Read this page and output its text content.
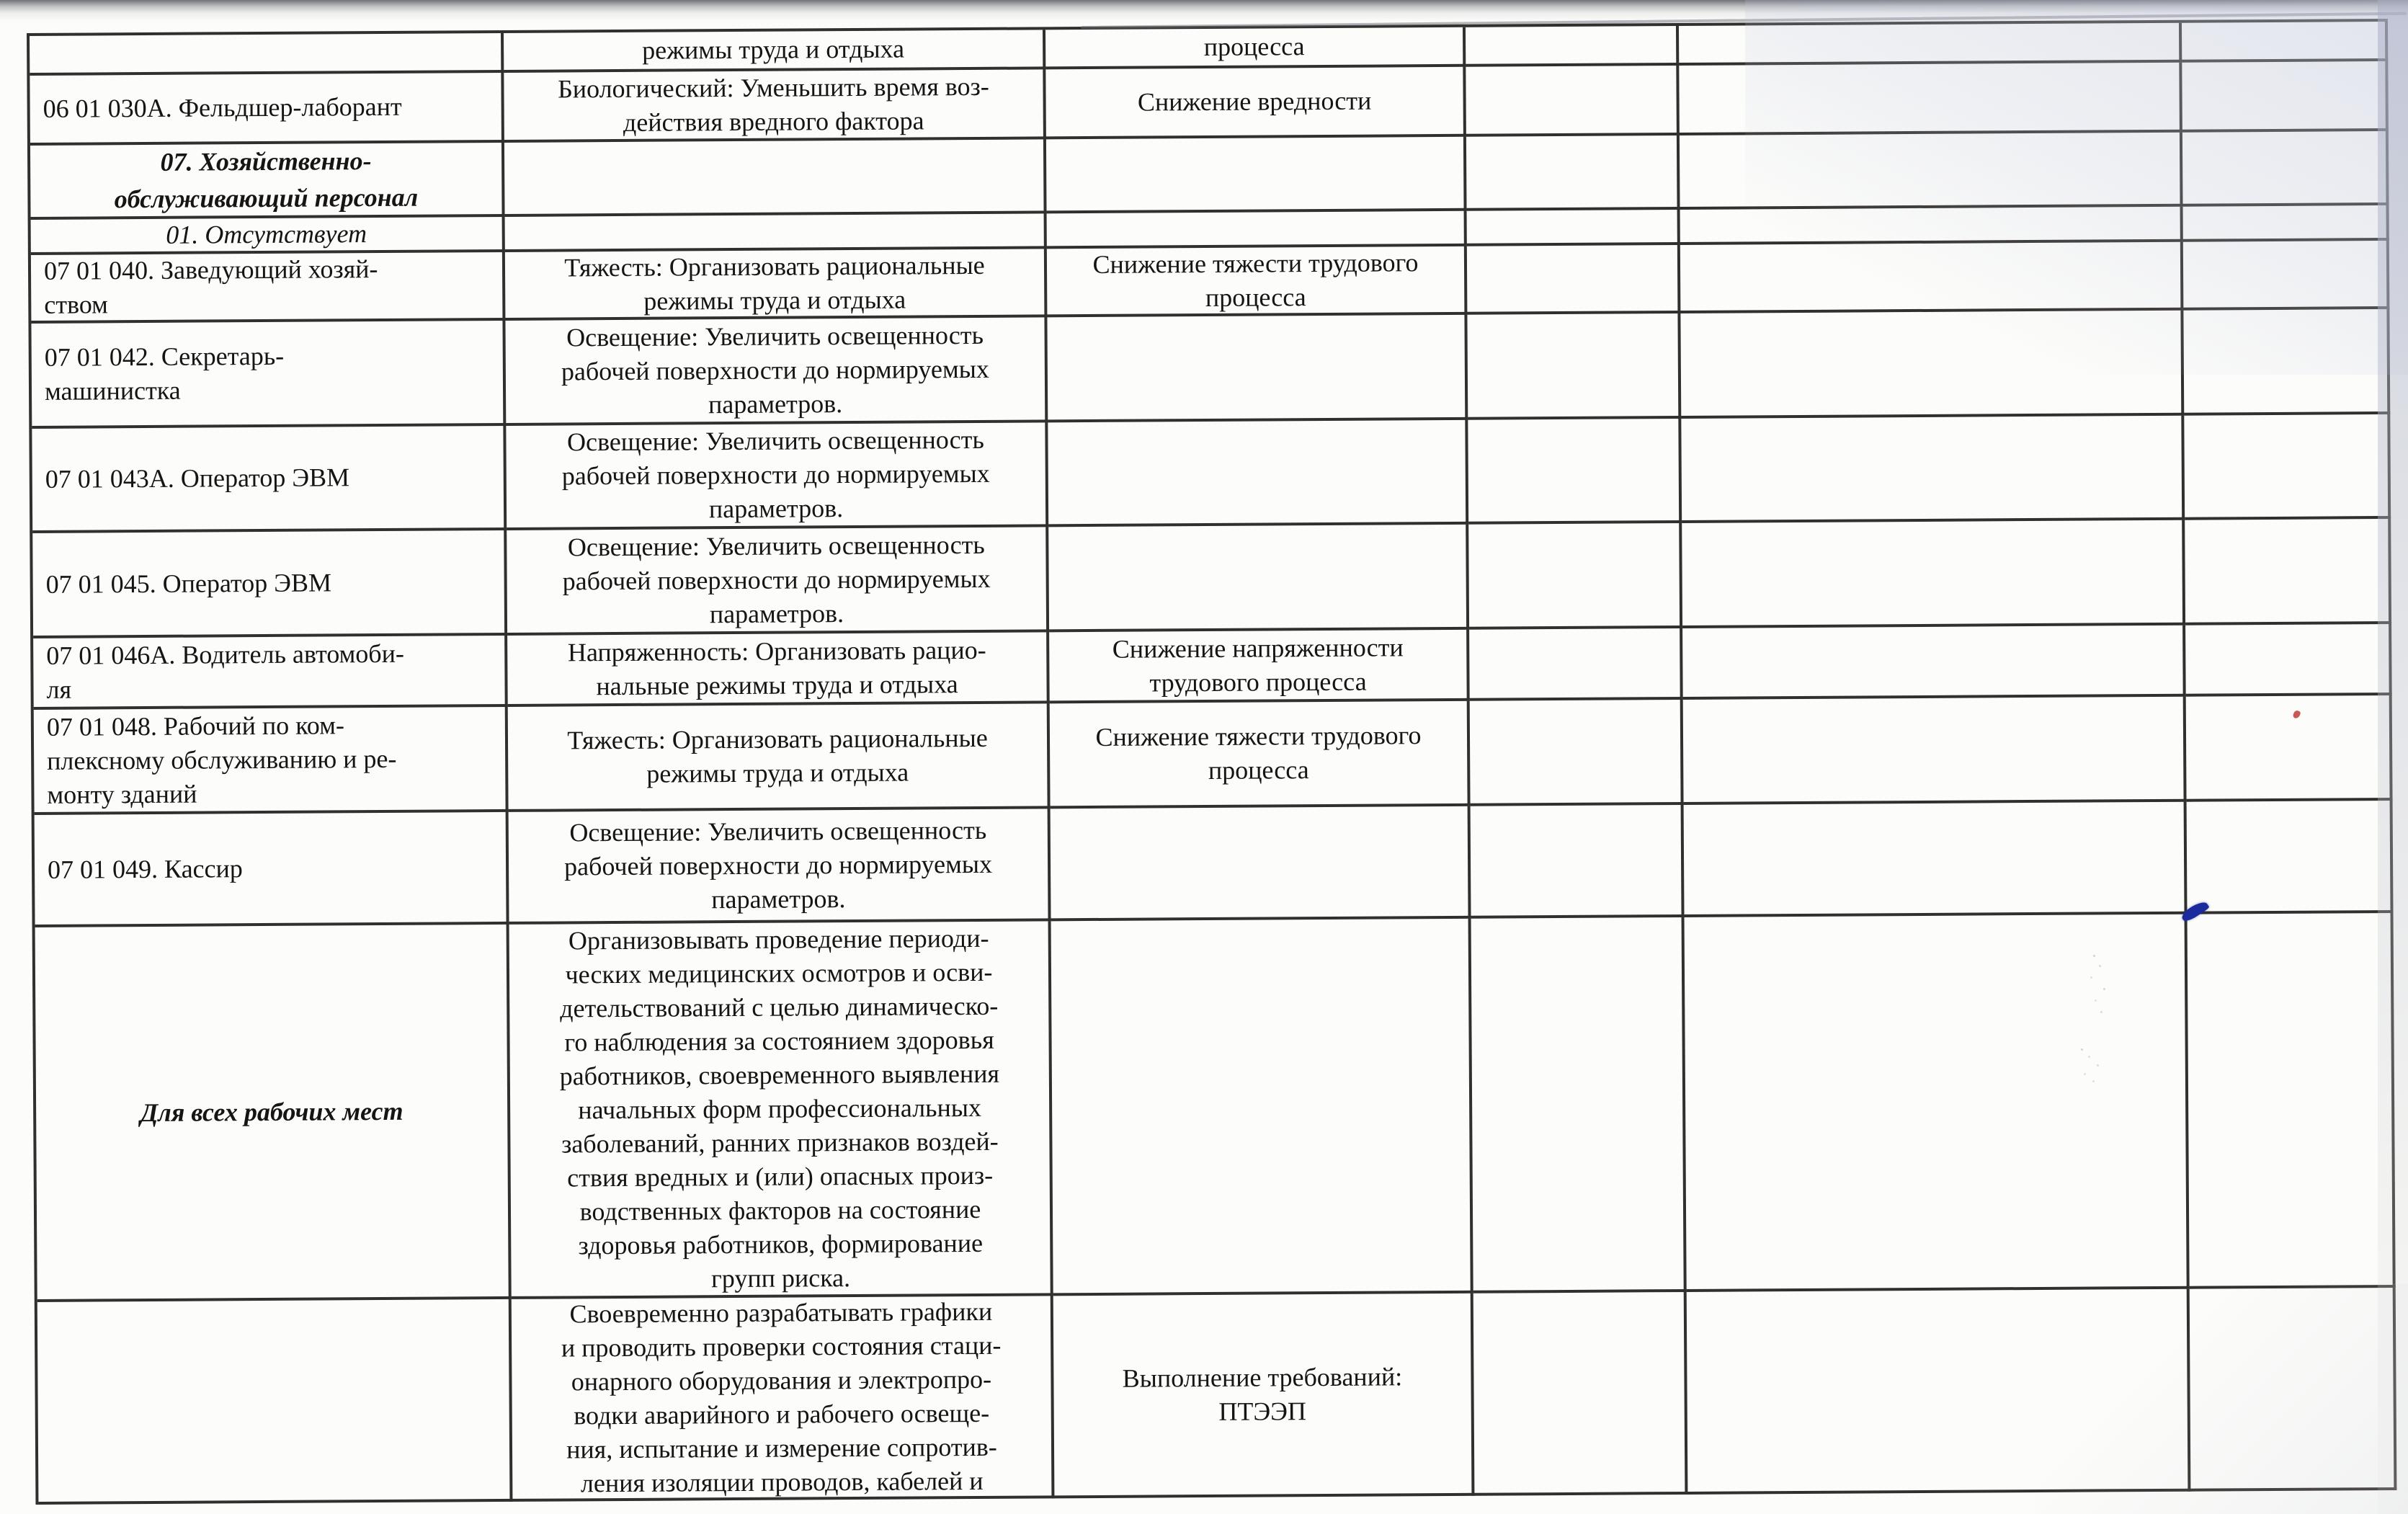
режимы труда и отдыха	процесса
06 01 030А. Фельдшер-лаборант
Биологический: Уменьшить время воз-
действия вредного фактора
Снижение вредности
07. Хозяйственно-
обслуживающий персонал
01. Отсутствует
07 01 040. Заведующий хозяй-
ством
Тяжесть: Организовать рациональные
режимы труда и отдыха
Снижение тяжести трудового
процесса
07 01 042. Секретарь-
машинистка
Освещение: Увеличить освещенность
рабочей поверхности до нормируемых
параметров.
07 01 043А. Оператор ЭВМ
Освещение: Увеличить освещенность
рабочей поверхности до нормируемых
параметров.
07 01 045. Оператор ЭВМ
Освещение: Увеличить освещенность
рабочей поверхности до нормируемых
параметров.
07 01 046А. Водитель автомоби-
ля
Напряженность: Организовать рацио-
нальные режимы труда и отдыха
Снижение напряженности
трудового процесса
07 01 048. Рабочий по ком-
плексному обслуживанию и ре-
монту зданий
Тяжесть: Организовать рациональные
режимы труда и отдыха
Снижение тяжести трудового
процесса
07 01 049. Кассир
Освещение: Увеличить освещенность
рабочей поверхности до нормируемых
параметров.
Для всех рабочих мест
Организовывать проведение периоди-
ческих медицинских осмотров и осви-
детельствований с целью динамическо-
го наблюдения за состоянием здоровья
работников, своевременного выявления
начальных форм профессиональных
заболеваний, ранних признаков воздей-
ствия вредных и (или) опасных произ-
водственных факторов на состояние
здоровья работников, формирование
групп риска.
Своевременно разрабатывать графики
и проводить проверки состояния стаци-
онарного оборудования и электропро-
водки аварийного и рабочего освеще-
ния, испытание и измерение сопротив-
ления изоляции проводов, кабелей и
Выполнение требований:
ПТЭЭП
